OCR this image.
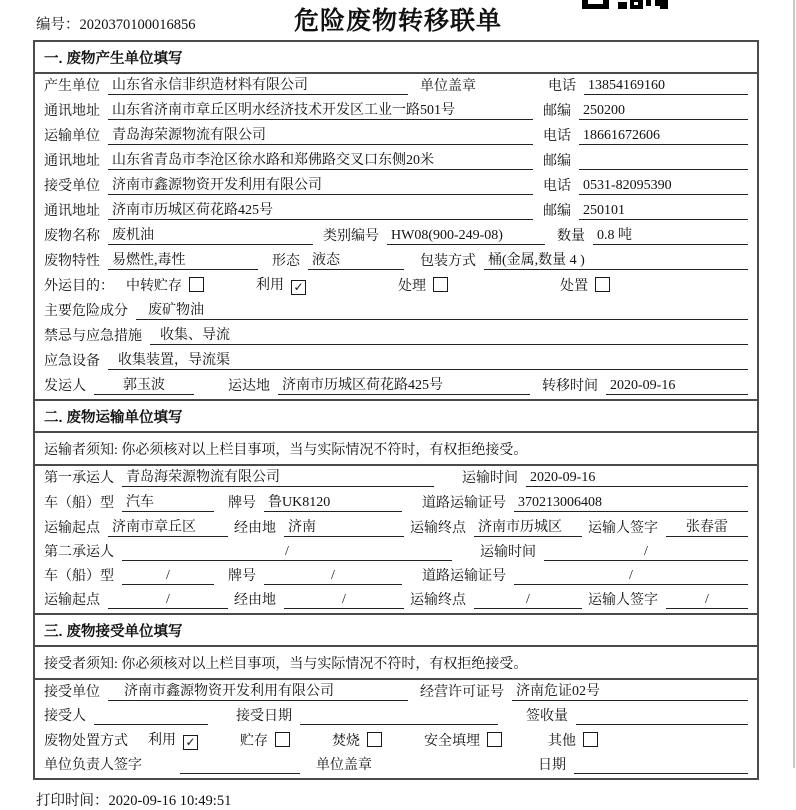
编号：2020370100016856	危险废物转移联单
一. 废物产生单位填写
产生单位 山东省永信非织造材料有限公司	单位盖章	电话 13854169160
通讯地址 山东省济南市章丘区明水经济技术开发区工业一路501号	邮编 250200
运输单位 青岛海荣源物流有限公司	电话 18661672606
通讯地址 山东省青岛市李沧区徐水路和郑佛路交叉口东侧20米	邮编
接受单位 济南市鑫源物资开发利用有限公司	电话 0531-82095390
通讯地址 济南市历城区荷花路425号	邮编 250101
废物名称 废机油	类别编号 HW08(900-249-08)	数量 0.8 吨
废物特性 易燃性,毒性	形态 液态	包装方式 桶(金属,数量 4 )
外运目的： 中转贮存	利用 ✓	处理	处置
主要危险成分	废矿物油
禁忌与应急措施	收集、导流
应急设备	收集装置，导流渠
发运人	郭玉波	运达地 济南市历城区荷花路425号	转移时间 2020-09-16
二. 废物运输单位填写
运输者须知: 你必须核对以上栏目事项，当与实际情况不符时，有权拒绝接受。
第一承运人 青岛海荣源物流有限公司	运输时间 2020-09-16
车（船）型 汽车	牌号 鲁UK8120	道路运输证号 370213006408
运输起点 济南市章丘区	经由地 济南	运输终点 济南市历城区	运输人签字	张春雷
第二承运人	/	运输时间	/
车（船）型	/	牌号	/	道路运输证号	/
运输起点	/	经由地	/	运输终点	/	运输人签字	/
三. 废物接受单位填写
接受者须知: 你必须核对以上栏目事项，当与实际情况不符时，有权拒绝接受。
接受单位	济南市鑫源物资开发利用有限公司	经营许可证号 济南危证02号
接受人	接受日期	签收量
废物处置方式 利用 ✓	贮存	焚烧	安全填埋	其他
单位负责人签字	单位盖章	日期
打印时间：2020-09-16 10:49:51
